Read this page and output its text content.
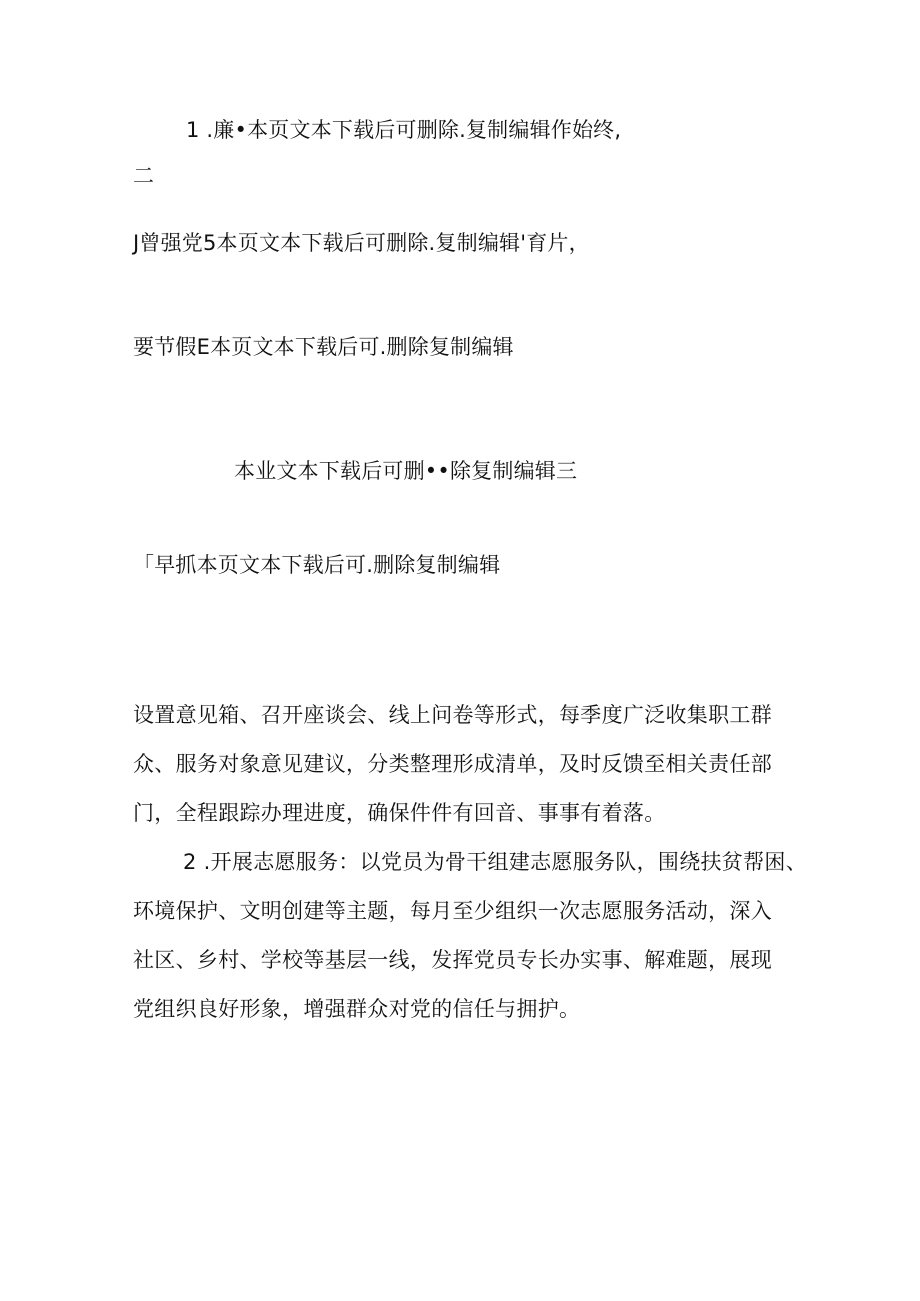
1 .廉•本页文本下载后可删除.复制编辑作始终,
二
J曾强党5本页文本下载后可删除.复制编辑'育片，
要节假E本页文本下载后可.删除复制编辑
本业文本下载后可删••除复制编辑三
「早抓本页文本下载后可.删除复制编辑

设置意见箱、召开座谈会、线上问卷等形式，每季度广泛收集职工群

众、服务对象意见建议，分类整理形成清单，及时反馈至相关责任部

门，全程跟踪办理进度，确保件件有回音、事事有着落。

2 .开展志愿服务：以党员为骨干组建志愿服务队，围绕扶贫帮困、

环境保护、文明创建等主题，每月至少组织一次志愿服务活动，深入

社区、乡村、学校等基层一线，发挥党员专长办实事、解难题，展现

党组织良好形象，增强群众对党的信任与拥护。
